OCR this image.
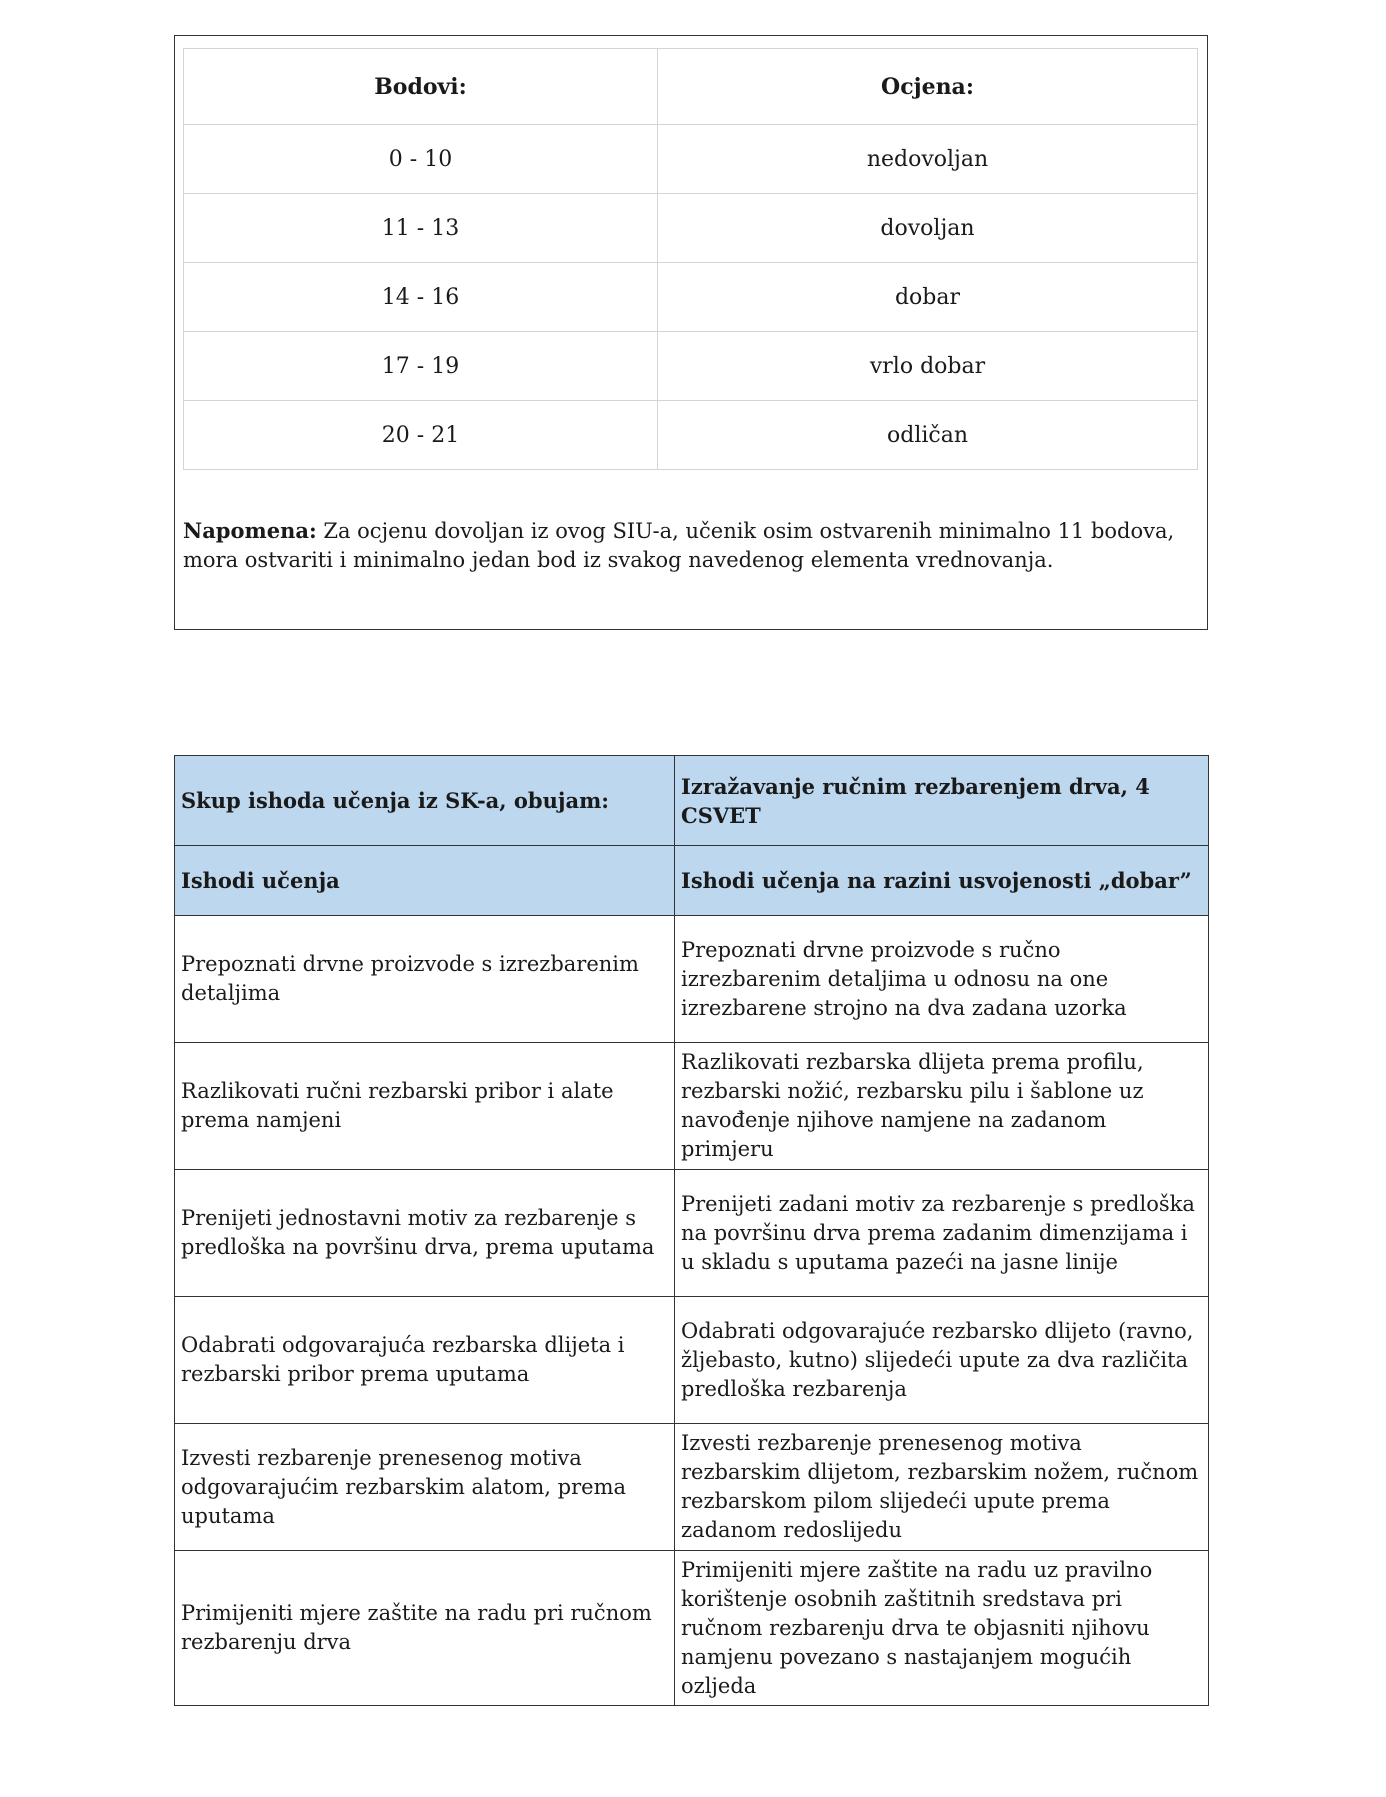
Bodovi:	Ocjena:
0 - 10	nedovoljan
11 - 13	dovoljan
14 - 16	dobar
17 - 19	vrlo dobar
20 - 21	odličan
Napomena: Za ocjenu dovoljan iz ovog SIU-a, učenik osim ostvarenih minimalno 11 bodova, mora ostvariti i minimalno jedan bod iz svakog navedenog elementa vrednovanja.
Skup ishoda učenja iz SK-a, obujam:	Izražavanje ručnim rezbarenjem drva, 4 CSVET
Ishodi učenja	Ishodi učenja na razini usvojenosti „dobar”
Prepoznati drvne proizvode s izrezbarenim detaljima	Prepoznati drvne proizvode s ručno izrezbarenim detaljima u odnosu na one izrezbarene strojno na dva zadana uzorka
Razlikovati ručni rezbarski pribor i alate prema namjeni	Razlikovati rezbarska dlijeta prema profilu, rezbarski nožić, rezbarsku pilu i šablone uz navođenje njihove namjene na zadanom primjeru
Prenijeti jednostavni motiv za rezbarenje s predloška na površinu drva, prema uputama	Prenijeti zadani motiv za rezbarenje s predloška na površinu drva prema zadanim dimenzijama i u skladu s uputama pazeći na jasne linije
Odabrati odgovarajuća rezbarska dlijeta i rezbarski pribor prema uputama	Odabrati odgovarajuće rezbarsko dlijeto (ravno, žljebasto, kutno) slijedeći upute za dva različita predloška rezbarenja
Izvesti rezbarenje prenesenog motiva odgovarajućim rezbarskim alatom, prema uputama	Izvesti rezbarenje prenesenog motiva rezbarskim dlijetom, rezbarskim nožem, ručnom rezbarskom pilom slijedeći upute prema zadanom redoslijedu
Primijeniti mjere zaštite na radu pri ručnom rezbarenju drva	Primijeniti mjere zaštite na radu uz pravilno korištenje osobnih zaštitnih sredstava pri ručnom rezbarenju drva te objasniti njihovu namjenu povezano s nastajanjem mogućih ozljeda
